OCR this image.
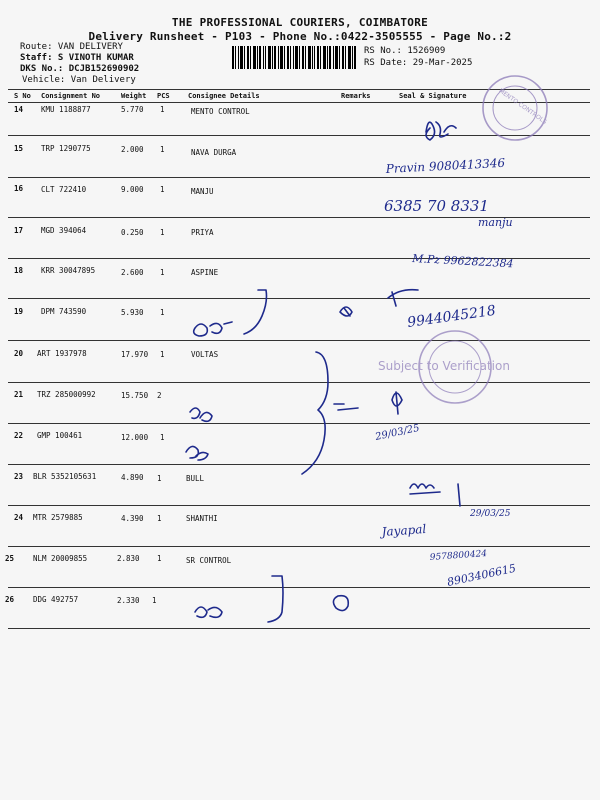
THE PROFESSIONAL COURIERS, COIMBATORE
Delivery Runsheet - P103 - Phone No.:0422-3505555 - Page No.:2
Route: VAN DELIVERY
Staff: S VINOTH KUMAR
DKS No.: DCJB152690902
Vehicle: Van Delivery
RS No.: 1526909
RS Date: 29-Mar-2025
S No Consignment No	Weight PCS	Consignee Details	Remarks	Seal & Signature
14 KMU 1188877	5.770 1	MENTO CONTROL
15 TRP 1290775	2.000 1	NAVA DURGA
16 CLT 722410	9.000 1	MANJU
17 MGD 394064	0.250 1	PRIYA
18 KRR 30047895	2.600 1	ASPINE
19 DPM 743590	5.930 1
20 ART 1937978	17.970 1	VOLTAS
21 TRZ 285000992	15.750 2
22 GMP 100461	12.000 1
23 BLR 5352105631	4.890 1	BULL
24 MTR 2579885	4.390 1	SHANTHI
25	NLM 20009855	2.830 1	SR CONTROL
26	DDG 492757	2.330 1
MENTO CONTROLS
Subject to Verification
Pravin 9080413346
6385 70 8331
manju
M.Pz 9962822384
9944045218
29/03/25
29/03/25
Jayapal
9578800424
8903406615
